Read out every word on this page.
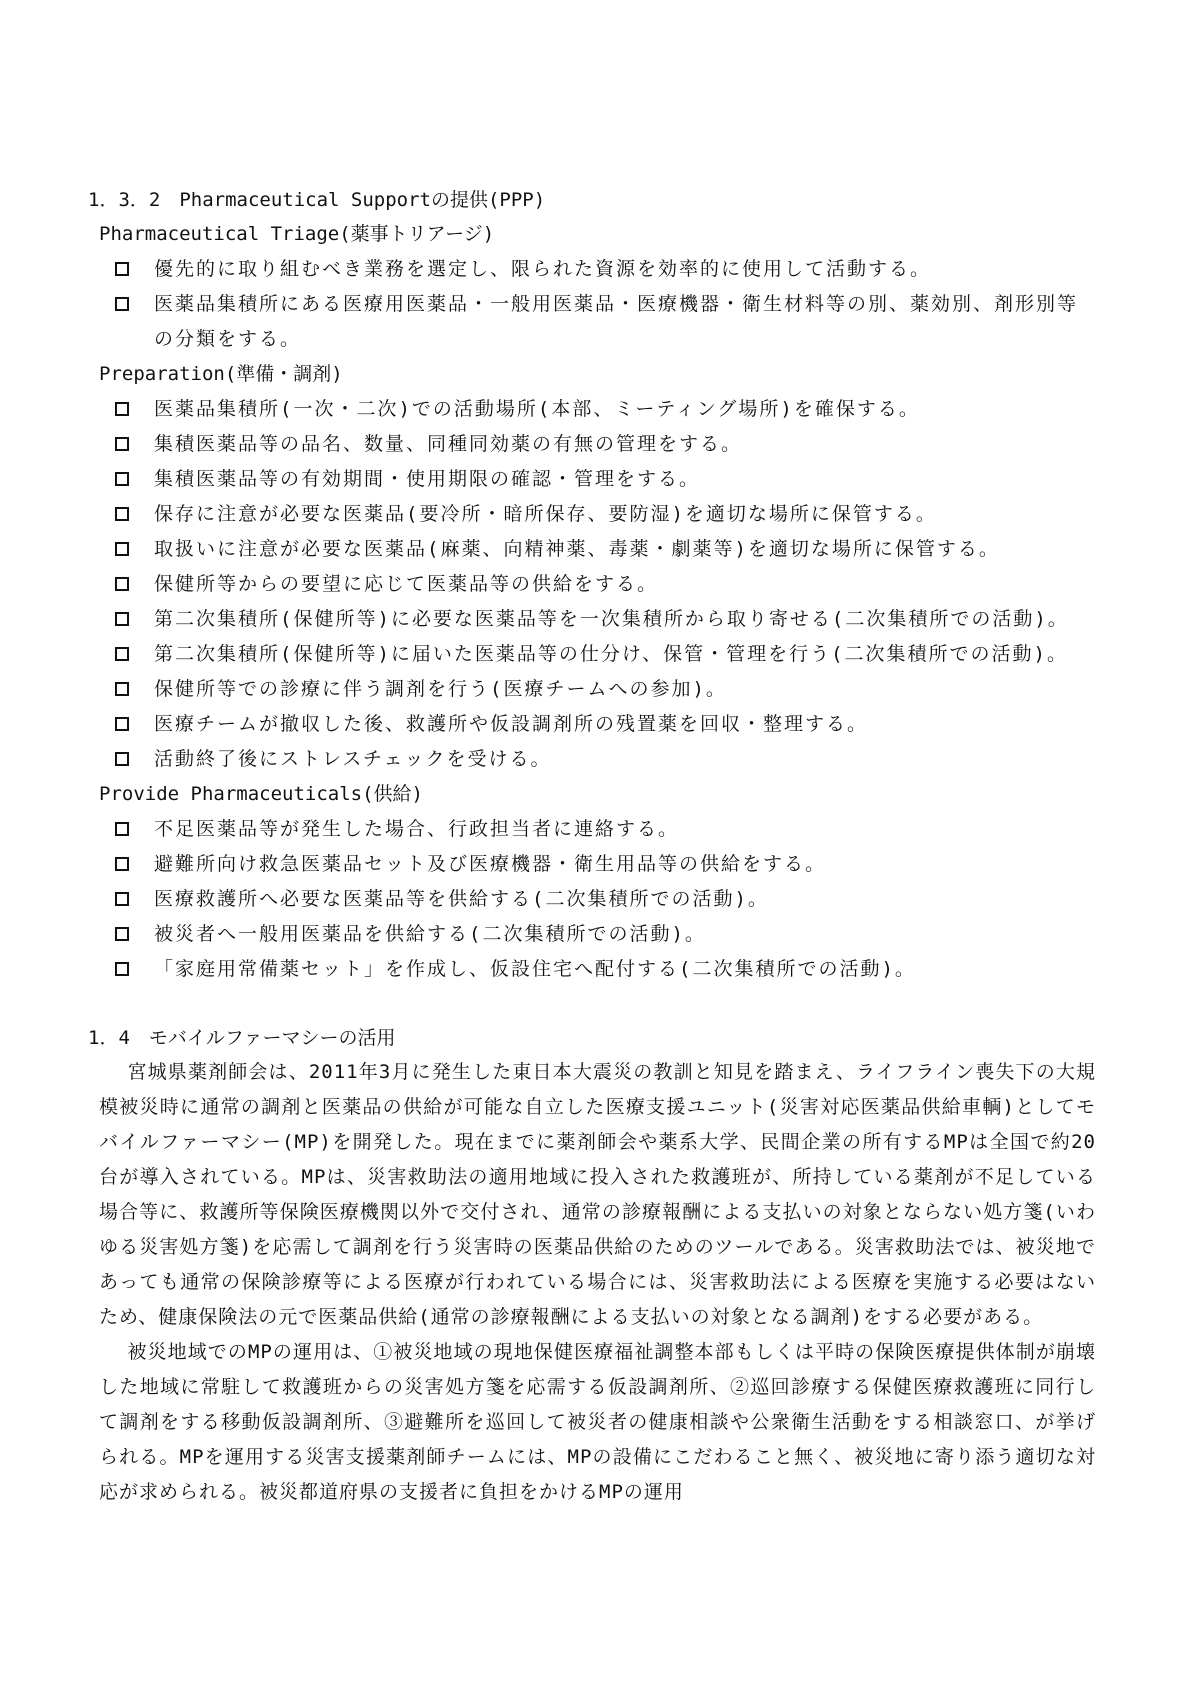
1．3．2　Pharmaceutical Supportの提供(PPP)
Pharmaceutical Triage(薬事トリアージ)
優先的に取り組むべき業務を選定し、限られた資源を効率的に使用して活動する。
医薬品集積所にある医療用医薬品・一般用医薬品・医療機器・衛生材料等の別、薬効別、剤形別等の分類をする。
Preparation(準備・調剤)
医薬品集積所(一次・二次)での活動場所(本部、ミーティング場所)を確保する。
集積医薬品等の品名、数量、同種同効薬の有無の管理をする。
集積医薬品等の有効期間・使用期限の確認・管理をする。
保存に注意が必要な医薬品(要冷所・暗所保存、要防湿)を適切な場所に保管する。
取扱いに注意が必要な医薬品(麻薬、向精神薬、毒薬・劇薬等)を適切な場所に保管する。
保健所等からの要望に応じて医薬品等の供給をする。
第二次集積所(保健所等)に必要な医薬品等を一次集積所から取り寄せる(二次集積所での活動)。
第二次集積所(保健所等)に届いた医薬品等の仕分け、保管・管理を行う(二次集積所での活動)。
保健所等での診療に伴う調剤を行う(医療チームへの参加)。
医療チームが撤収した後、救護所や仮設調剤所の残置薬を回収・整理する。
活動終了後にストレスチェックを受ける。
Provide Pharmaceuticals(供給)
不足医薬品等が発生した場合、行政担当者に連絡する。
避難所向け救急医薬品セット及び医療機器・衛生用品等の供給をする。
医療救護所へ必要な医薬品等を供給する(二次集積所での活動)。
被災者へ一般用医薬品を供給する(二次集積所での活動)。
「家庭用常備薬セット」を作成し、仮設住宅へ配付する(二次集積所での活動)。
1．4　モバイルファーマシーの活用
宮城県薬剤師会は、2011年3月に発生した東日本大震災の教訓と知見を踏まえ、ライフライン喪失下の大規模被災時に通常の調剤と医薬品の供給が可能な自立した医療支援ユニット(災害対応医薬品供給車輌)としてモバイルファーマシー(MP)を開発した。現在までに薬剤師会や薬系大学、民間企業の所有するMPは全国で約20台が導入されている。MPは、災害救助法の適用地域に投入された救護班が、所持している薬剤が不足している場合等に、救護所等保険医療機関以外で交付され、通常の診療報酬による支払いの対象とならない処方箋(いわゆる災害処方箋)を応需して調剤を行う災害時の医薬品供給のためのツールである。災害救助法では、被災地であっても通常の保険診療等による医療が行われている場合には、災害救助法による医療を実施する必要はないため、健康保険法の元で医薬品供給(通常の診療報酬による支払いの対象となる調剤)をする必要がある。
被災地域でのMPの運用は、①被災地域の現地保健医療福祉調整本部もしくは平時の保険医療提供体制が崩壊した地域に常駐して救護班からの災害処方箋を応需する仮設調剤所、②巡回診療する保健医療救護班に同行して調剤をする移動仮設調剤所、③避難所を巡回して被災者の健康相談や公衆衛生活動をする相談窓口、が挙げられる。MPを運用する災害支援薬剤師チームには、MPの設備にこだわること無く、被災地に寄り添う適切な対応が求められる。被災都道府県の支援者に負担をかけるMPの運用
